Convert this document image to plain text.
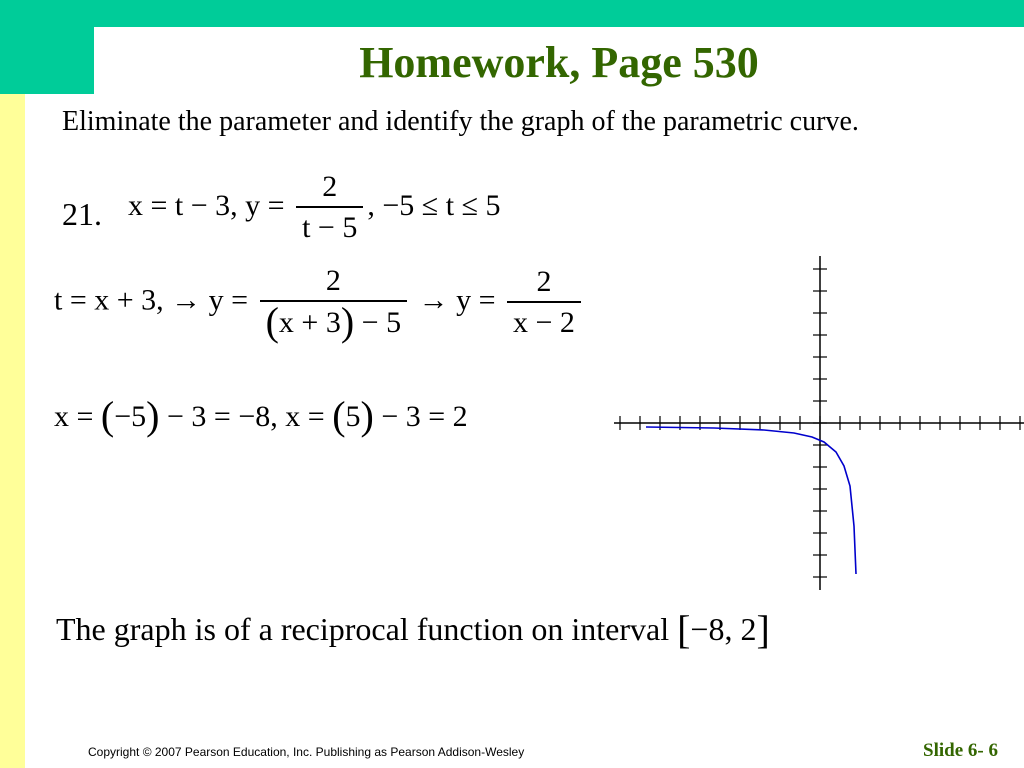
Homework, Page 530
Eliminate the parameter and identify the graph of the parametric curve.
21. x = t − 3, $y = \frac{2}{t - 5}$ , −5 ≤ t ≤ 5
t = x + 3, → $y = \frac{2}{(x + 3) - 5} \to y = \frac{2}{x - 2}$
x = (−5) − 3 = −8, x = (5) − 3 = 2
The graph is of a reciprocal function on interval [−8, 2]
Copyright © 2007 Pearson Education, Inc. Publishing as Pearson Addison-Wesley	Slide 6- 6
